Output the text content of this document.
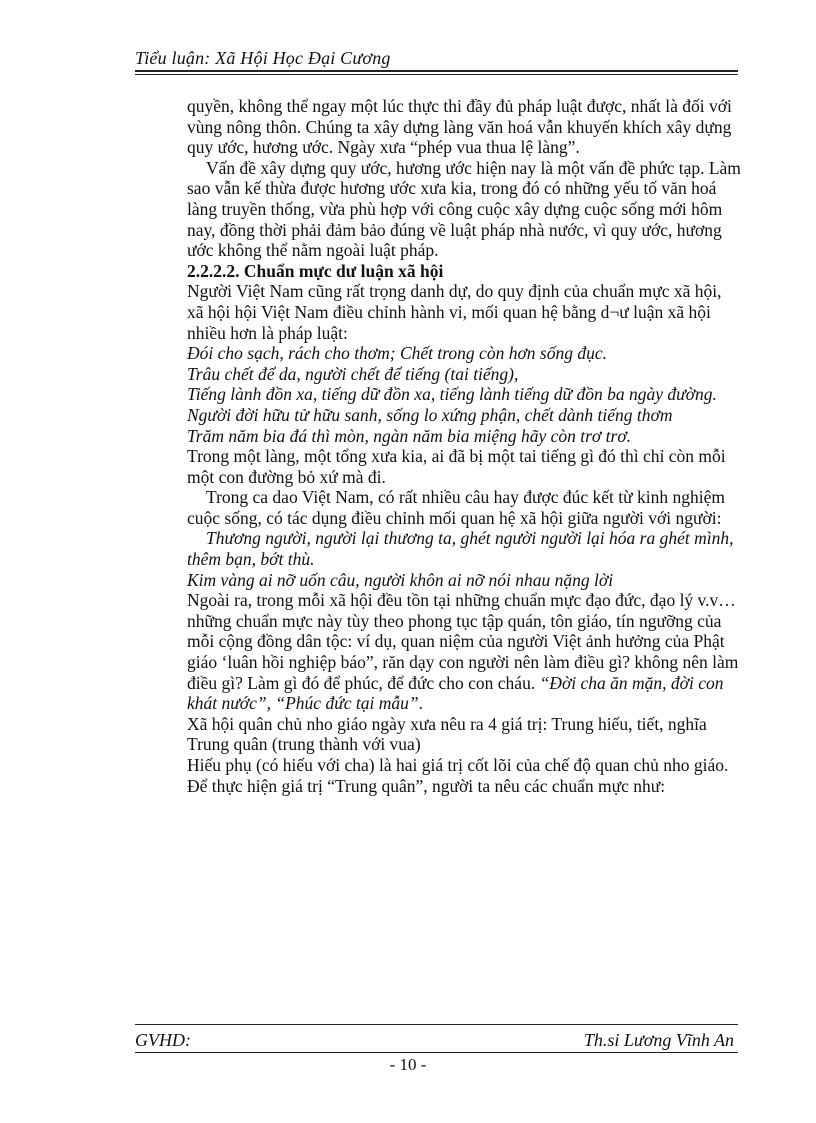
Tiểu luận: Xã Hội Học Đại Cương

quyền, không thể ngay một lúc thực thi đầy đủ pháp luật được, nhất là đối với vùng nông thôn. Chúng ta xây dựng làng văn hoá vẫn khuyến khích xây dựng quy ước, hương ước. Ngày xưa “phép vua thua lệ làng”.

Vấn đề xây dựng quy ước, hương ước hiện nay là một vấn đề phức tạp. Làm sao vẫn kế thừa được hương ước xưa kia, trong đó có những yếu tố văn hoá làng truyền thống, vừa phù hợp với công cuộc xây dựng cuộc sống mới hôm nay, đồng thời phải đảm bảo đúng về luật pháp nhà nước, vì quy ước, hương ước không thể nằm ngoài luật pháp.

2.2.2.2. Chuẩn mực dư luận xã hội

Người Việt Nam cũng rất trọng danh dự, do quy định của chuẩn mực xã hội, xã hội hội Việt Nam điều chỉnh hành vi, mối quan hệ bằng d¬ư luận xã hội nhiều hơn là pháp luật:

Đói cho sạch, rách cho thơm; Chết trong còn hơn sống đục.

Trâu chết để da, người chết để tiếng (tai tiếng),

Tiếng lành đồn xa, tiếng dữ đồn xa, tiếng lành tiếng dữ đồn ba ngày đường.

Người đời hữu tử hữu sanh, sống lo xứng phận, chết dành tiếng thơm

Trăm năm bia đá thì mòn, ngàn năm bia miệng hãy còn trơ trơ.

Trong một làng, một tổng xưa kia, ai đã bị một tai tiếng gì đó thì chỉ còn mỗi một con đường bỏ xứ mà đi.

Trong ca dao Việt Nam, có rất nhiều câu hay được đúc kết từ kinh nghiệm cuộc sống, có tác dụng điều chỉnh mối quan hệ xã hội giữa người với người:

Thương người, người lại thương ta, ghét người người lại hóa ra ghét mình,

thêm bạn, bớt thù.

Kim vàng ai nỡ uốn câu, người khôn ai nỡ nói nhau nặng lời

Ngoài ra, trong mỗi xã hội đều tồn tại những chuẩn mực đạo đức, đạo lý v.v…những chuẩn mực này tùy theo phong tục tập quán, tôn giáo, tín ngưỡng của mỗi cộng đồng dân tộc: ví dụ, quan niệm của người Việt ảnh hưởng của Phật giáo ‘luân hồi nghiệp báo”, răn dạy con người nên làm điều gì? không nên làm điều gì? Làm gì đó để phúc, để đức cho con cháu. “Đời cha ăn mặn, đời con khát nước”, “Phúc đức tại mẫu”.

Xã hội quân chủ nho giáo ngày xưa nêu ra 4 giá trị: Trung hiếu, tiết, nghĩa

Trung quân (trung thành với vua)

Hiếu phụ (có hiếu với cha) là hai giá trị cốt lõi của chế độ quan chủ nho giáo.

Để thực hiện giá trị “Trung quân”, người ta nêu các chuẩn mực như:

GVHD:	Th.si Lương Vĩnh An
- 10 -
